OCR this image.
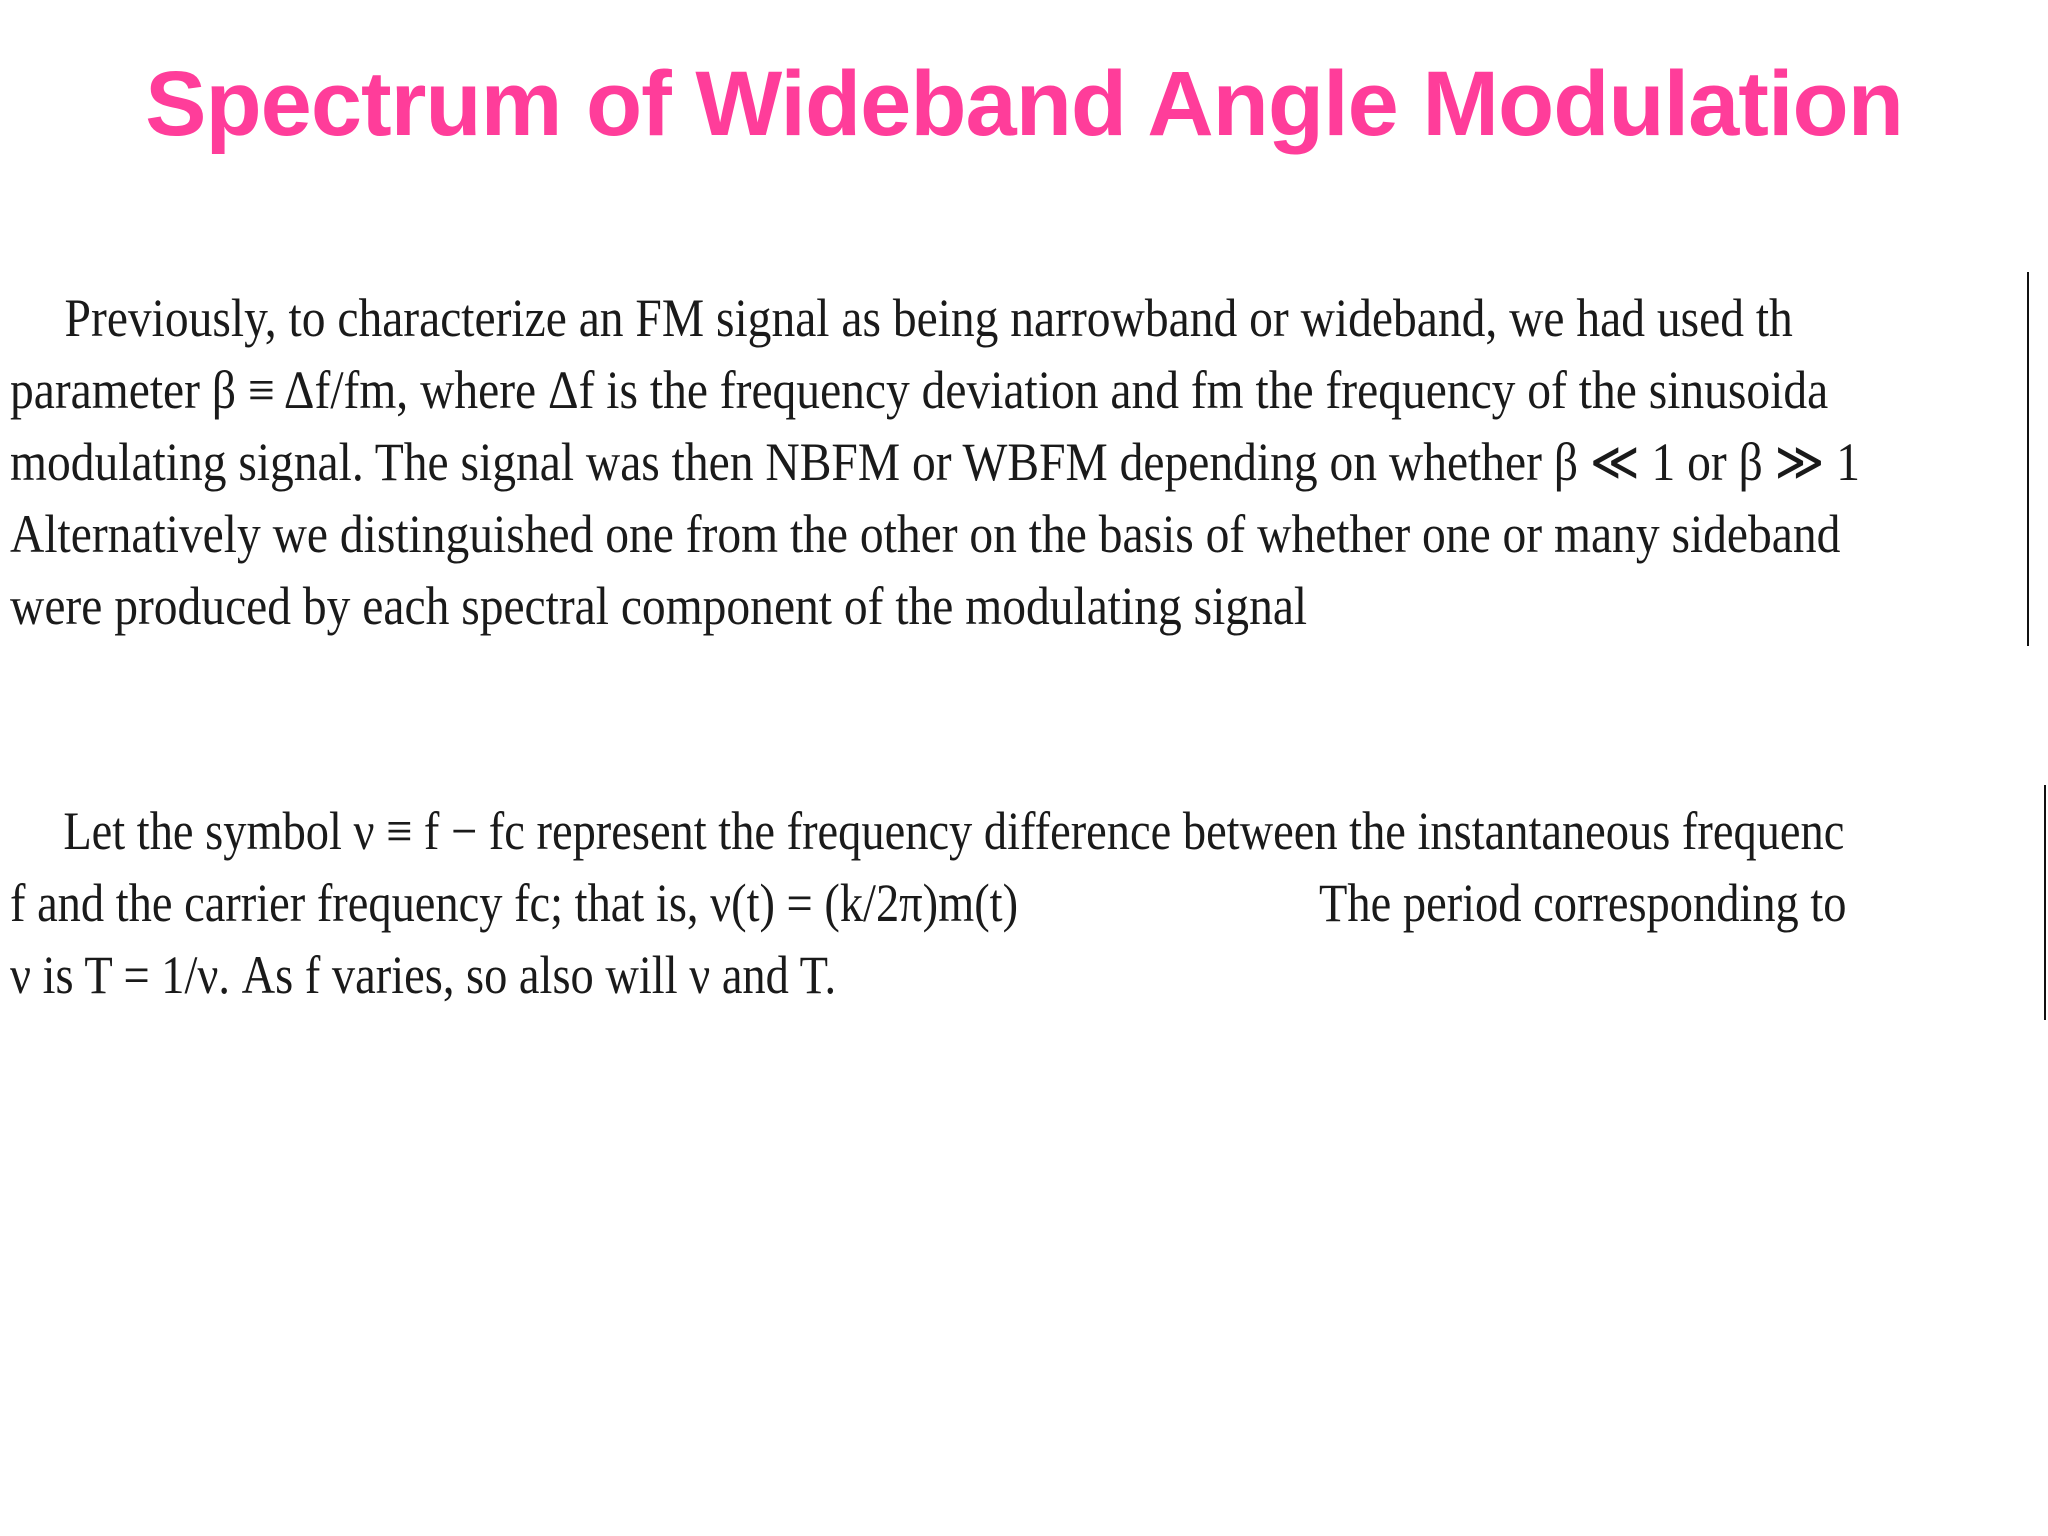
Spectrum of Wideband Angle Modulation
Previously, to characterize an FM signal as being narrowband or wideband, we had used th
parameter β ≡ Δf/fm, where Δf is the frequency deviation and fm the frequency of the sinusoida
modulating signal. The signal was then NBFM or WBFM depending on whether β ≪ 1 or β ≫ 1
Alternatively we distinguished one from the other on the basis of whether one or many sideband
were produced by each spectral component of the modulating signal
Let the symbol ν ≡ f − fc represent the frequency difference between the instantaneous frequenc
f and the carrier frequency fc; that is, ν(t) = (k/2π)m(t)	The period corresponding to
ν is T = 1/ν. As f varies, so also will ν and T.
